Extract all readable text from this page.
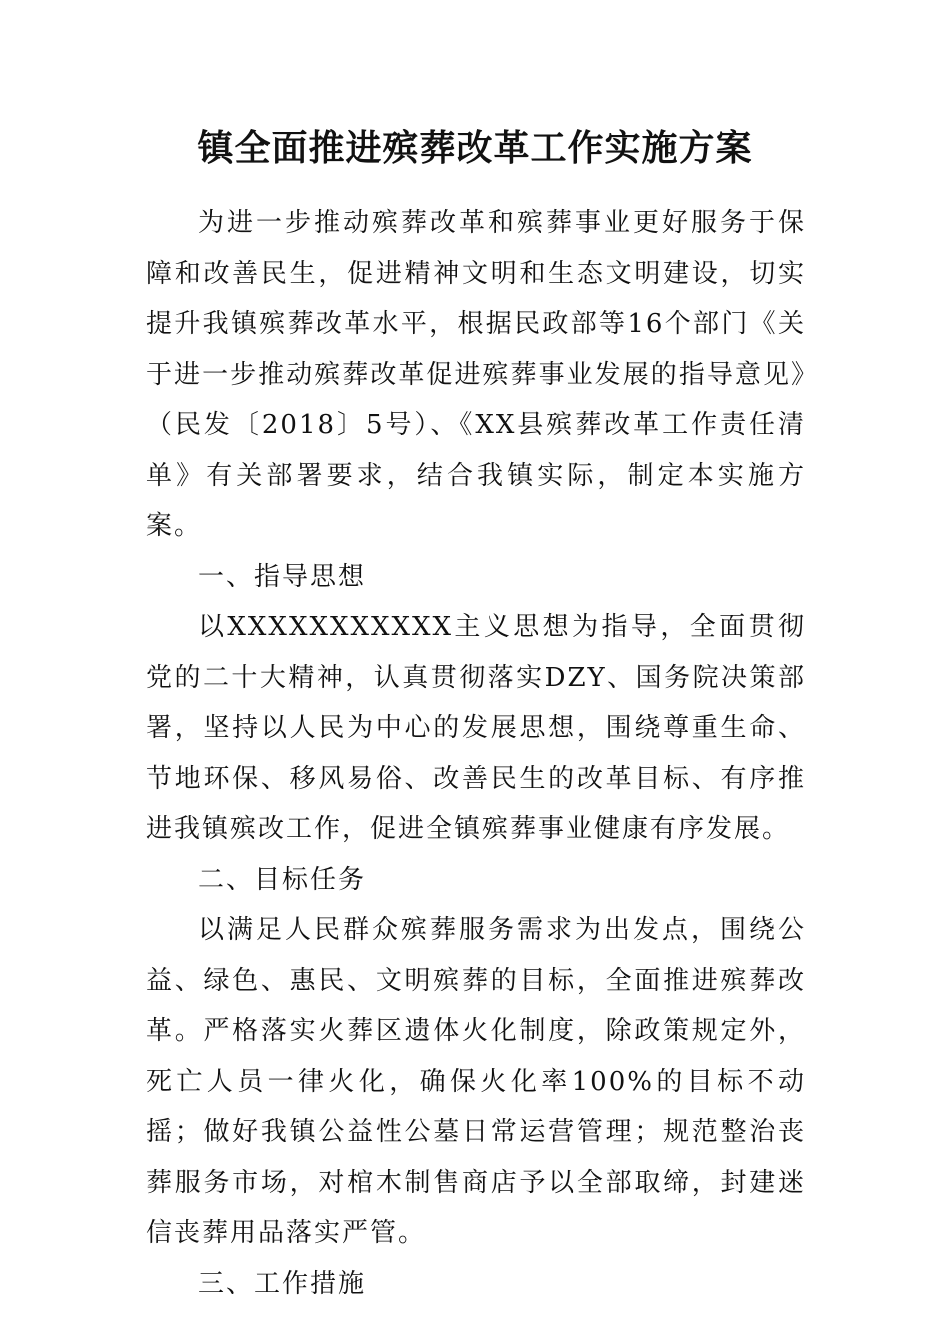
镇全面推进殡葬改革工作实施方案

为进一步推动殡葬改革和殡葬事业更好服务于保障和改善民生，促进精神文明和生态文明建设，切实提升我镇殡葬改革水平，根据民政部等16个部门《关于进一步推动殡葬改革促进殡葬事业发展的指导意见》（民发〔2018〕5号）、《XX县殡葬改革工作责任清单》有关部署要求，结合我镇实际，制定本实施方案。

一、指导思想

以XXXXXXXXXXX主义思想为指导，全面贯彻党的二十大精神，认真贯彻落实DZY、国务院决策部署，坚持以人民为中心的发展思想，围绕尊重生命、节地环保、移风易俗、改善民生的改革目标、有序推进我镇殡改工作，促进全镇殡葬事业健康有序发展。

二、目标任务

以满足人民群众殡葬服务需求为出发点，围绕公益、绿色、惠民、文明殡葬的目标，全面推进殡葬改革。严格落实火葬区遗体火化制度，除政策规定外，死亡人员一律火化，确保火化率100%的目标不动摇；做好我镇公益性公墓日常运营管理；规范整治丧葬服务市场，对棺木制售商店予以全部取缔，封建迷信丧葬用品落实严管。

三、工作措施
